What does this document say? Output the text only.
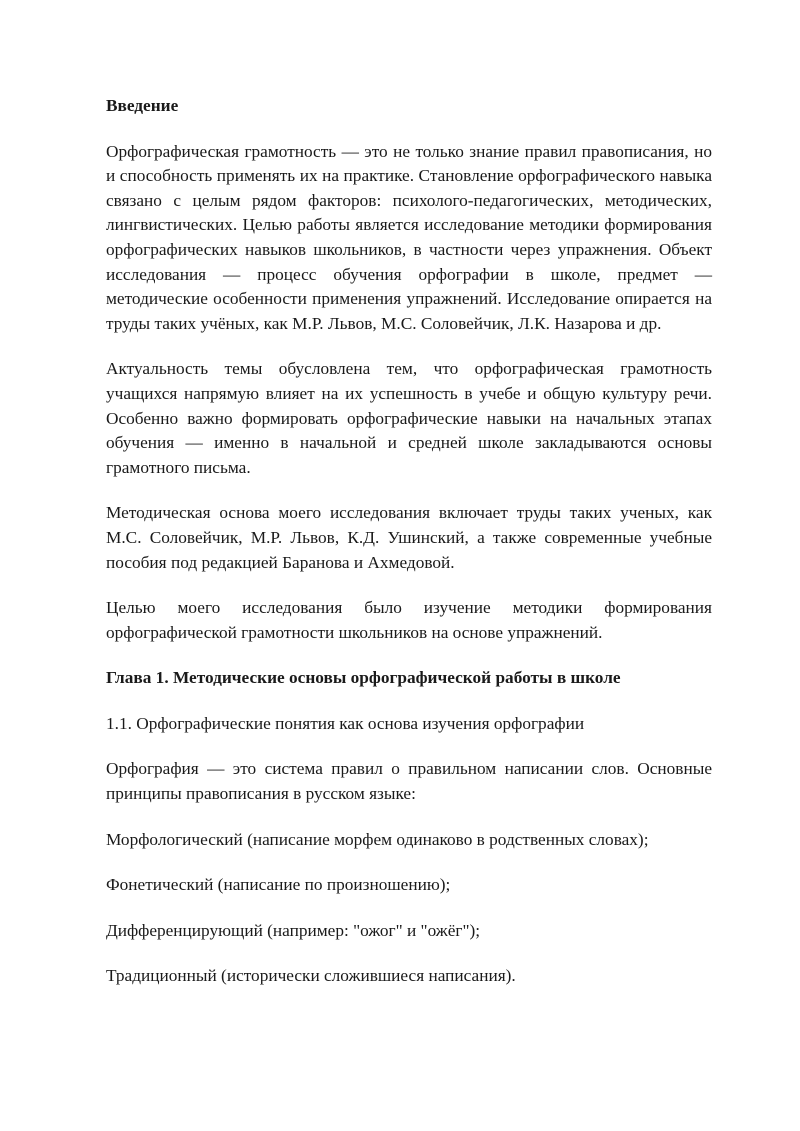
Введение

Орфографическая грамотность — это не только знание правил правописания, но и способность применять их на практике. Становление орфографического навыка связано с целым рядом факторов: психолого-педагогических, методических, лингвистических. Целью работы является исследование методики формирования орфографических навыков школьников, в частности через упражнения. Объект исследования — процесс обучения орфографии в школе, предмет — методические особенности применения упражнений. Исследование опирается на труды таких учёных, как М.Р. Львов, М.С. Соловейчик, Л.К. Назарова и др.

Актуальность темы обусловлена тем, что орфографическая грамотность учащихся напрямую влияет на их успешность в учебе и общую культуру речи. Особенно важно формировать орфографические навыки на начальных этапах обучения — именно в начальной и средней школе закладываются основы грамотного письма.

Методическая основа моего исследования включает труды таких ученых, как М.С. Соловейчик, М.Р. Львов, К.Д. Ушинский, а также современные учебные пособия под редакцией Баранова и Ахмедовой.

Целью моего исследования было изучение методики формирования орфографической грамотности школьников на основе упражнений.

Глава 1. Методические основы орфографической работы в школе

1.1. Орфографические понятия как основа изучения орфографии

Орфография — это система правил о правильном написании слов. Основные принципы правописания в русском языке:

Морфологический (написание морфем одинаково в родственных словах);

Фонетический (написание по произношению);

Дифференцирующий (например: "ожог" и "ожёг");

Традиционный (исторически сложившиеся написания).
